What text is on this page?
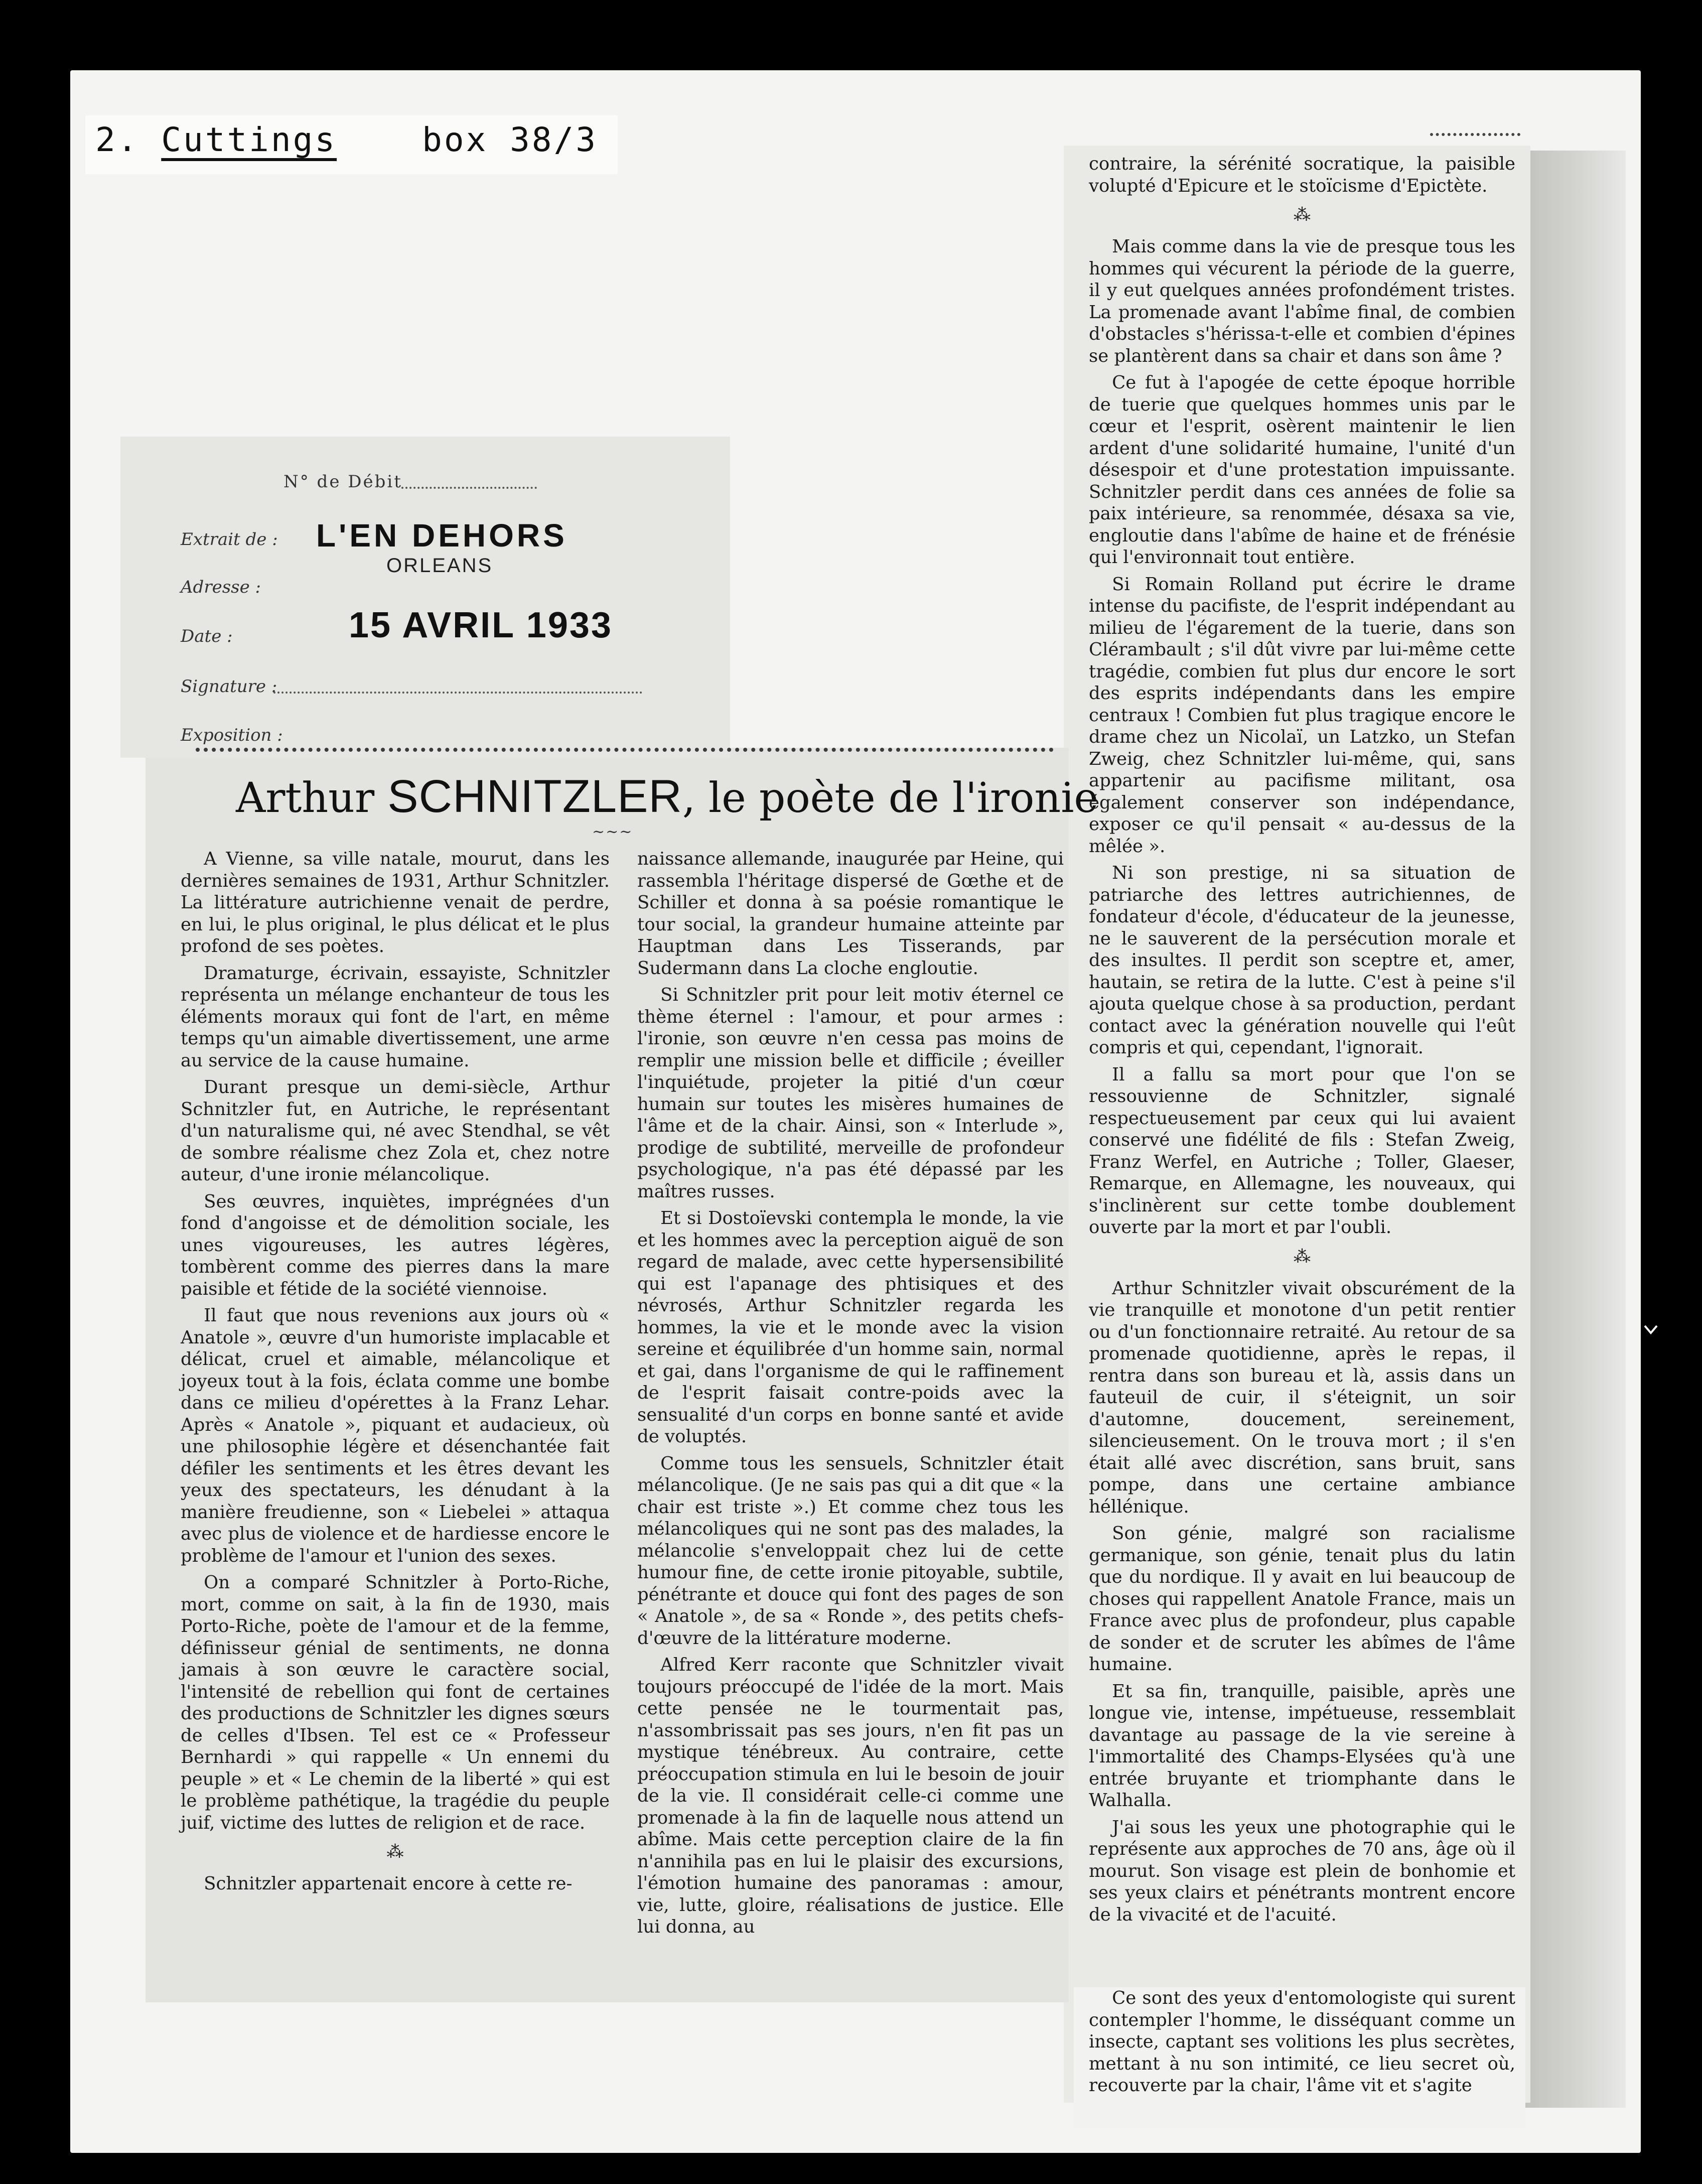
2. Cuttings	box 38/3
N° de Débit
Extrait de : L'EN DEHORS
ORLEANS
Adresse :
Date :	15 AVRIL 1933
Signature :
Exposition :
Arthur SCHNITZLER, le poète de l'ironie
~~~

A Vienne, sa ville natale, mourut, dans les dernières semaines de 1931, Arthur Schnitzler. La littérature autrichienne venait de perdre, en lui, le plus original, le plus délicat et le plus profond de ses poètes.

Dramaturge, écrivain, essayiste, Schnitzler représenta un mélange enchanteur de tous les éléments moraux qui font de l'art, en même temps qu'un aimable divertissement, une arme au service de la cause humaine.

Durant presque un demi-siècle, Arthur Schnitzler fut, en Autriche, le représentant d'un naturalisme qui, né avec Stendhal, se vêt de sombre réalisme chez Zola et, chez notre auteur, d'une ironie mélancolique.

Ses œuvres, inquiètes, imprégnées d'un fond d'angoisse et de démolition sociale, les unes vigoureuses, les autres légères, tombèrent comme des pierres dans la mare paisible et fétide de la société viennoise.

Il faut que nous revenions aux jours où « Anatole », œuvre d'un humoriste implacable et délicat, cruel et aimable, mélancolique et joyeux tout à la fois, éclata comme une bombe dans ce milieu d'opérettes à la Franz Lehar. Après « Anatole », piquant et audacieux, où une philosophie légère et désenchantée fait défiler les sentiments et les êtres devant les yeux des spectateurs, les dénudant à la manière freudienne, son « Liebelei » attaqua avec plus de violence et de hardiesse encore le problème de l'amour et l'union des sexes.

On a comparé Schnitzler à Porto-Riche, mort, comme on sait, à la fin de 1930, mais Porto-Riche, poète de l'amour et de la femme, définisseur génial de sentiments, ne donna jamais à son œuvre le caractère social, l'intensité de rebellion qui font de certaines des productions de Schnitzler les dignes sœurs de celles d'Ibsen. Tel est ce « Professeur Bernhardi » qui rappelle « Un ennemi du peuple » et « Le chemin de la liberté » qui est le problème pathétique, la tragédie du peuple juif, victime des luttes de religion et de race.

⁂

Schnitzler appartenait encore à cette re-

naissance allemande, inaugurée par Heine, qui rassembla l'héritage dispersé de Gœthe et de Schiller et donna à sa poésie romantique le tour social, la grandeur humaine atteinte par Hauptman dans Les Tisserands, par Sudermann dans La cloche engloutie.

Si Schnitzler prit pour leit motiv éternel ce thème éternel : l'amour, et pour armes : l'ironie, son œuvre n'en cessa pas moins de remplir une mission belle et difficile ; éveiller l'inquiétude, projeter la pitié d'un cœur humain sur toutes les misères humaines de l'âme et de la chair. Ainsi, son « Interlude », prodige de subtilité, merveille de profondeur psychologique, n'a pas été dépassé par les maîtres russes.

Et si Dostoïevski contempla le monde, la vie et les hommes avec la perception aiguë de son regard de malade, avec cette hypersensibilité qui est l'apanage des phtisiques et des névrosés, Arthur Schnitzler regarda les hommes, la vie et le monde avec la vision sereine et équilibrée d'un homme sain, normal et gai, dans l'organisme de qui le raffinement de l'esprit faisait contre-poids avec la sensualité d'un corps en bonne santé et avide de voluptés.

Comme tous les sensuels, Schnitzler était mélancolique. (Je ne sais pas qui a dit que « la chair est triste ».) Et comme chez tous les mélancoliques qui ne sont pas des malades, la mélancolie s'enveloppait chez lui de cette humour fine, de cette ironie pitoyable, subtile, pénétrante et douce qui font des pages de son « Anatole », de sa « Ronde », des petits chefs-d'œuvre de la littérature moderne.

Alfred Kerr raconte que Schnitzler vivait toujours préoccupé de l'idée de la mort. Mais cette pensée ne le tourmentait pas, n'assombrissait pas ses jours, n'en fit pas un mystique ténébreux. Au contraire, cette préoccupation stimula en lui le besoin de jouir de la vie. Il considérait celle-ci comme une promenade à la fin de laquelle nous attend un abîme. Mais cette perception claire de la fin n'annihila pas en lui le plaisir des excursions, l'émotion humaine des panoramas : amour, vie, lutte, gloire, réalisations de justice. Elle lui donna, au

contraire, la sérénité socratique, la paisible volupté d'Epicure et le stoïcisme d'Epictète.

⁂

Mais comme dans la vie de presque tous les hommes qui vécurent la période de la guerre, il y eut quelques années profondément tristes. La promenade avant l'abîme final, de combien d'obstacles s'hérissa-t-elle et combien d'épines se plantèrent dans sa chair et dans son âme ?

Ce fut à l'apogée de cette époque horrible de tuerie que quelques hommes unis par le cœur et l'esprit, osèrent maintenir le lien ardent d'une solidarité humaine, l'unité d'un désespoir et d'une protestation impuissante. Schnitzler perdit dans ces années de folie sa paix intérieure, sa renommée, désaxa sa vie, engloutie dans l'abîme de haine et de frénésie qui l'environnait tout entière.

Si Romain Rolland put écrire le drame intense du pacifiste, de l'esprit indépendant au milieu de l'égarement de la tuerie, dans son Clérambault ; s'il dût vivre par lui-même cette tragédie, combien fut plus dur encore le sort des esprits indépendants dans les empire centraux ! Combien fut plus tragique encore le drame chez un Nicolaï, un Latzko, un Stefan Zweig, chez Schnitzler lui-même, qui, sans appartenir au pacifisme militant, osa également conserver son indépendance, exposer ce qu'il pensait « au-dessus de la mêlée ».

Ni son prestige, ni sa situation de patriarche des lettres autrichiennes, de fondateur d'école, d'éducateur de la jeunesse, ne le sauverent de la persécution morale et des insultes. Il perdit son sceptre et, amer, hautain, se retira de la lutte. C'est à peine s'il ajouta quelque chose à sa production, perdant contact avec la génération nouvelle qui l'eût compris et qui, cependant, l'ignorait.

Il a fallu sa mort pour que l'on se ressouvienne de Schnitzler, signalé respectueusement par ceux qui lui avaient conservé une fidélité de fils : Stefan Zweig, Franz Werfel, en Autriche ; Toller, Glaeser, Remarque, en Allemagne, les nouveaux, qui s'inclinèrent sur cette tombe doublement ouverte par la mort et par l'oubli.

⁂

Arthur Schnitzler vivait obscurément de la vie tranquille et monotone d'un petit rentier ou d'un fonctionnaire retraité. Au retour de sa promenade quotidienne, après le repas, il rentra dans son bureau et là, assis dans un fauteuil de cuir, il s'éteignit, un soir d'automne, doucement, sereinement, silencieusement. On le trouva mort ; il s'en était allé avec discrétion, sans bruit, sans pompe, dans une certaine ambiance héllénique.

Son génie, malgré son racialisme germanique, son génie, tenait plus du latin que du nordique. Il y avait en lui beaucoup de choses qui rappellent Anatole France, mais un France avec plus de profondeur, plus capable de sonder et de scruter les abîmes de l'âme humaine.

Et sa fin, tranquille, paisible, après une longue vie, intense, impétueuse, ressemblait davantage au passage de la vie sereine à l'immortalité des Champs-Elysées qu'à une entrée bruyante et triomphante dans le Walhalla.

J'ai sous les yeux une photographie qui le représente aux approches de 70 ans, âge où il mourut. Son visage est plein de bonhomie et ses yeux clairs et pénétrants montrent encore de la vivacité et de l'acuité.

Ce sont des yeux d'entomologiste qui surent contempler l'homme, le disséquant comme un insecte, captant ses volitions les plus secrètes, mettant à nu son intimité, ce lieu secret où, recouverte par la chair, l'âme vit et s'agite
